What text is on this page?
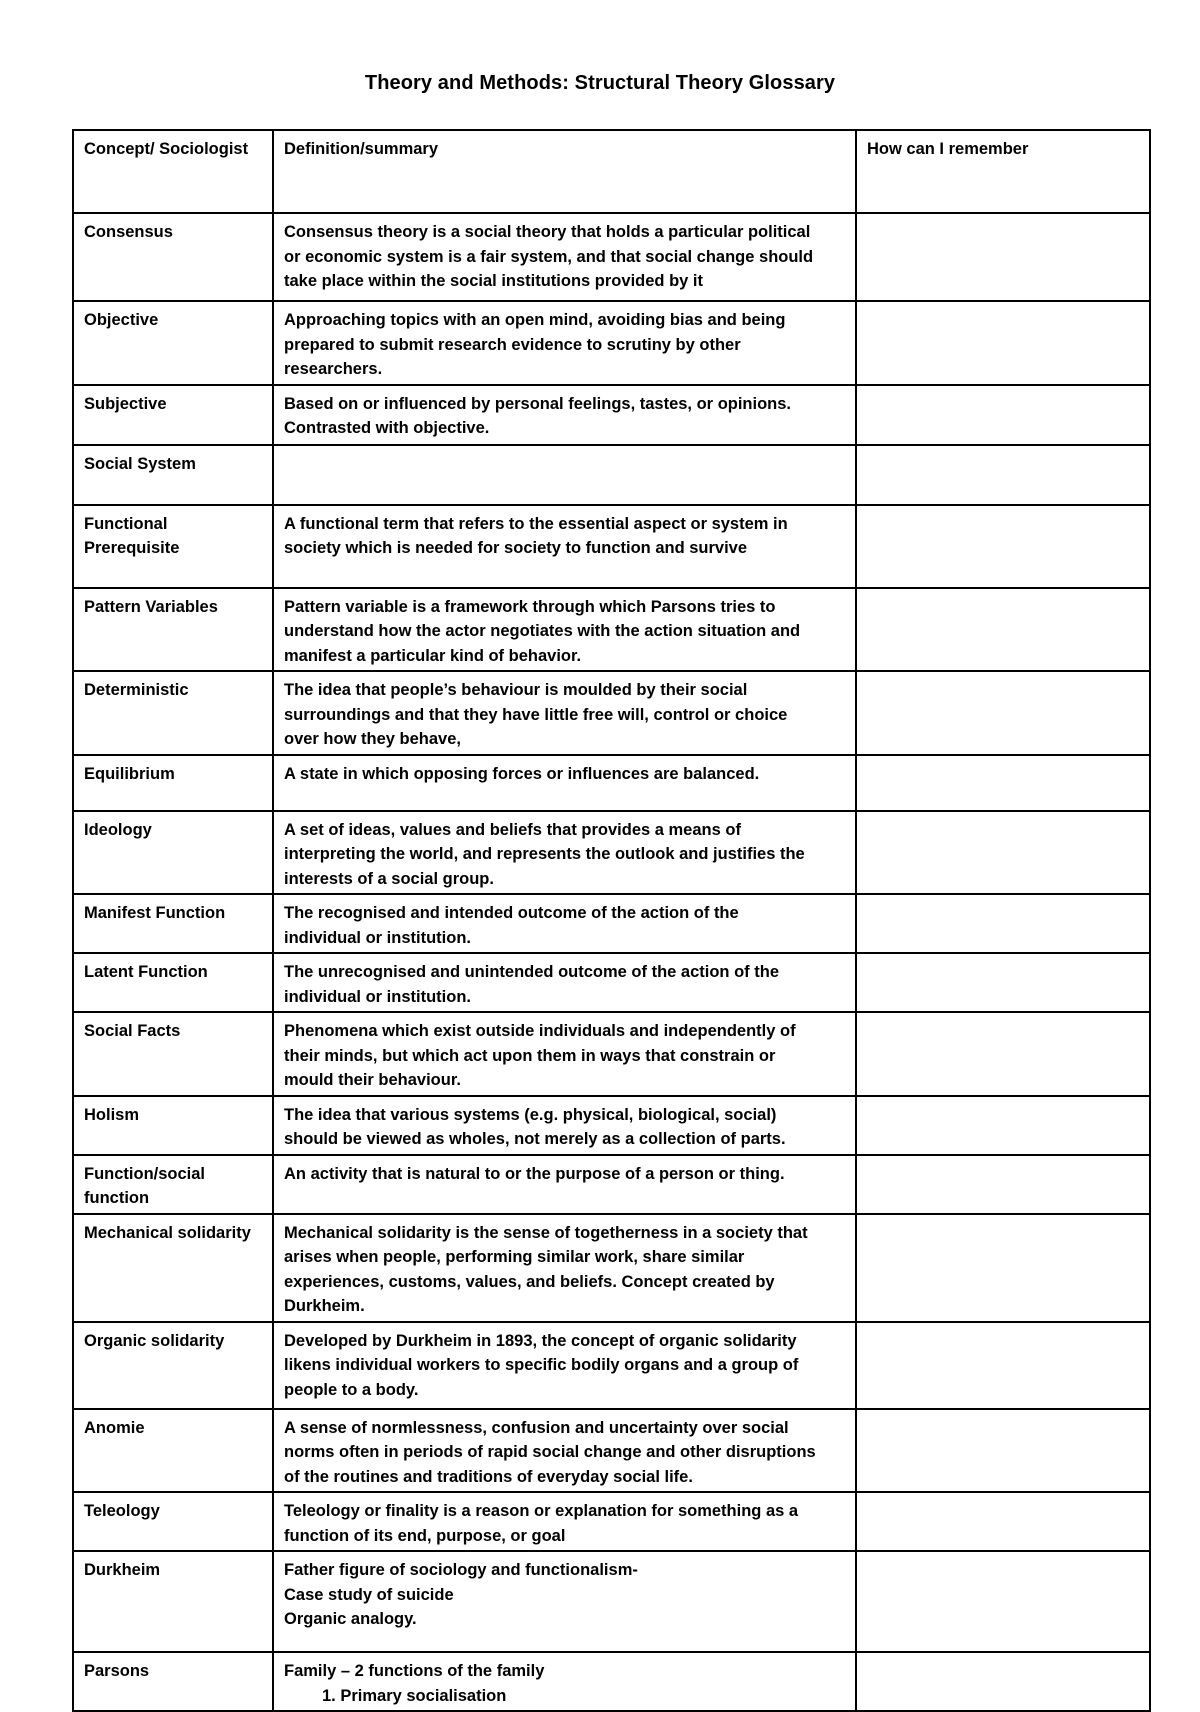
Theory and Methods: Structural Theory Glossary
Concept/ Sociologist	Definition/summary	How can I remember
Consensus	Consensus theory is a social theory that holds a particular political
or economic system is a fair system, and that social change should
take place within the social institutions provided by it	

Objective	Approaching topics with an open mind, avoiding bias and being
prepared to submit research evidence to scrutiny by other
researchers.	

Subjective	Based on or influenced by personal feelings, tastes, or opinions.
Contrasted with objective.	

Social System		
Functional Prerequisite	A functional term that refers to the essential aspect or system in
society which is needed for society to function and survive	

Pattern Variables	Pattern variable is a framework through which Parsons tries to
understand how the actor negotiates with the action situation and
manifest a particular kind of behavior.	

Deterministic	The idea that people’s behaviour is moulded by their social
surroundings and that they have little free will, control or choice
over how they behave,	

Equilibrium	A state in which opposing forces or influences are balanced.	

Ideology	A set of ideas, values and beliefs that provides a means of
interpreting the world, and represents the outlook and justifies the
interests of a social group.	

Manifest Function	The recognised and intended outcome of the action of the
individual or institution.	

Latent Function	The unrecognised and unintended outcome of the action of the
individual or institution.	

Social Facts	Phenomena which exist outside individuals and independently of
their minds, but which act upon them in ways that constrain or
mould their behaviour.	

Holism	The idea that various systems (e.g. physical, biological, social)
should be viewed as wholes, not merely as a collection of parts.	

Function/social function	An activity that is natural to or the purpose of a person or thing.	

Mechanical solidarity	Mechanical solidarity is the sense of togetherness in a society that
arises when people, performing similar work, share similar
experiences, customs, values, and beliefs. Concept created by
Durkheim.	

Organic solidarity	Developed by Durkheim in 1893, the concept of organic solidarity
likens individual workers to specific bodily organs and a group of
people to a body.	

Anomie	A sense of normlessness, confusion and uncertainty over social
norms often in periods of rapid social change and other disruptions
of the routines and traditions of everyday social life.	

Teleology	Teleology or finality is a reason or explanation for something as a
function of its end, purpose, or goal	

Durkheim	Father figure of sociology and functionalism-
Case study of suicide
Organic analogy.	

Parsons	Family – 2 functions of the family
1. Primary socialisation	
